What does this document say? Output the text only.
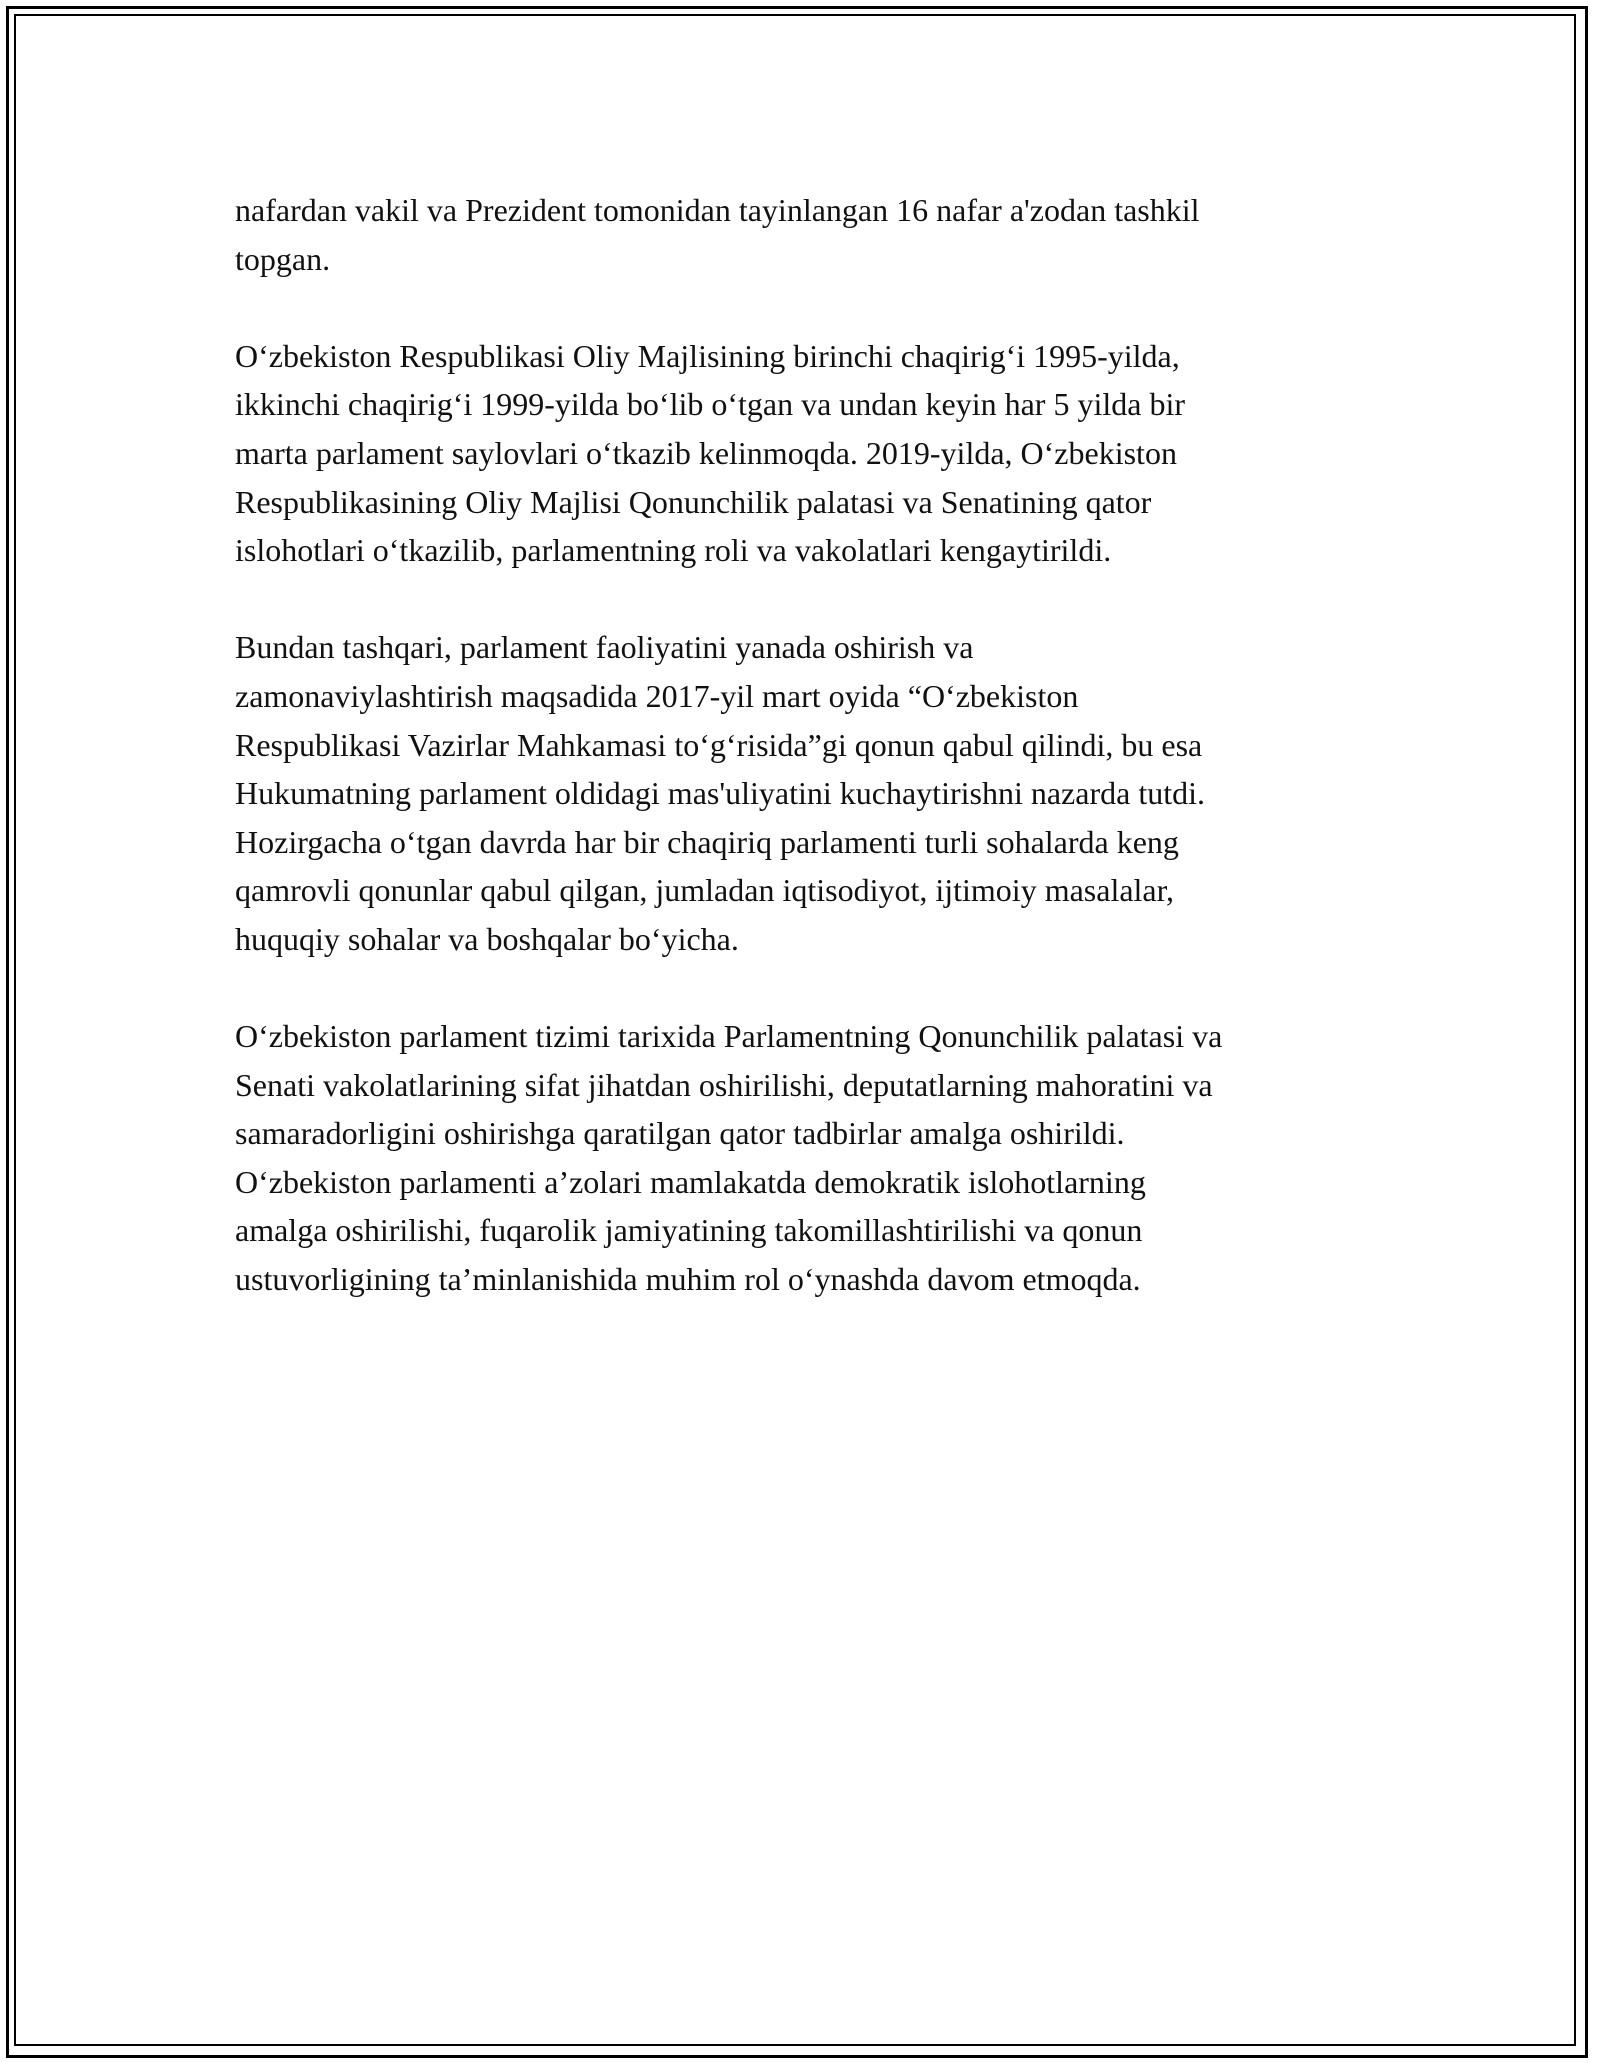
nafardan vakil va Prezident tomonidan tayinlangan 16 nafar a'zodan tashkil
topgan.

O‘zbekiston Respublikasi Oliy Majlisining birinchi chaqirig‘i 1995-yilda,
ikkinchi chaqirig‘i 1999-yilda bo‘lib o‘tgan va undan keyin har 5 yilda bir
marta parlament saylovlari o‘tkazib kelinmoqda. 2019-yilda, O‘zbekiston
Respublikasining Oliy Majlisi Qonunchilik palatasi va Senatining qator
islohotlari o‘tkazilib, parlamentning roli va vakolatlari kengaytirildi.

Bundan tashqari, parlament faoliyatini yanada oshirish va
zamonaviylashtirish maqsadida 2017-yil mart oyida “O‘zbekiston
Respublikasi Vazirlar Mahkamasi to‘g‘risida”gi qonun qabul qilindi, bu esa
Hukumatning parlament oldidagi mas'uliyatini kuchaytirishni nazarda tutdi.
Hozirgacha o‘tgan davrda har bir chaqiriq parlamenti turli sohalarda keng
qamrovli qonunlar qabul qilgan, jumladan iqtisodiyot, ijtimoiy masalalar,
huquqiy sohalar va boshqalar bo‘yicha.

O‘zbekiston parlament tizimi tarixida Parlamentning Qonunchilik palatasi va
Senati vakolatlarining sifat jihatdan oshirilishi, deputatlarning mahoratini va
samaradorligini oshirishga qaratilgan qator tadbirlar amalga oshirildi.
O‘zbekiston parlamenti a’zolari mamlakatda demokratik islohotlarning
amalga oshirilishi, fuqarolik jamiyatining takomillashtirilishi va qonun
ustuvorligining ta’minlanishida muhim rol o‘ynashda davom etmoqda.
